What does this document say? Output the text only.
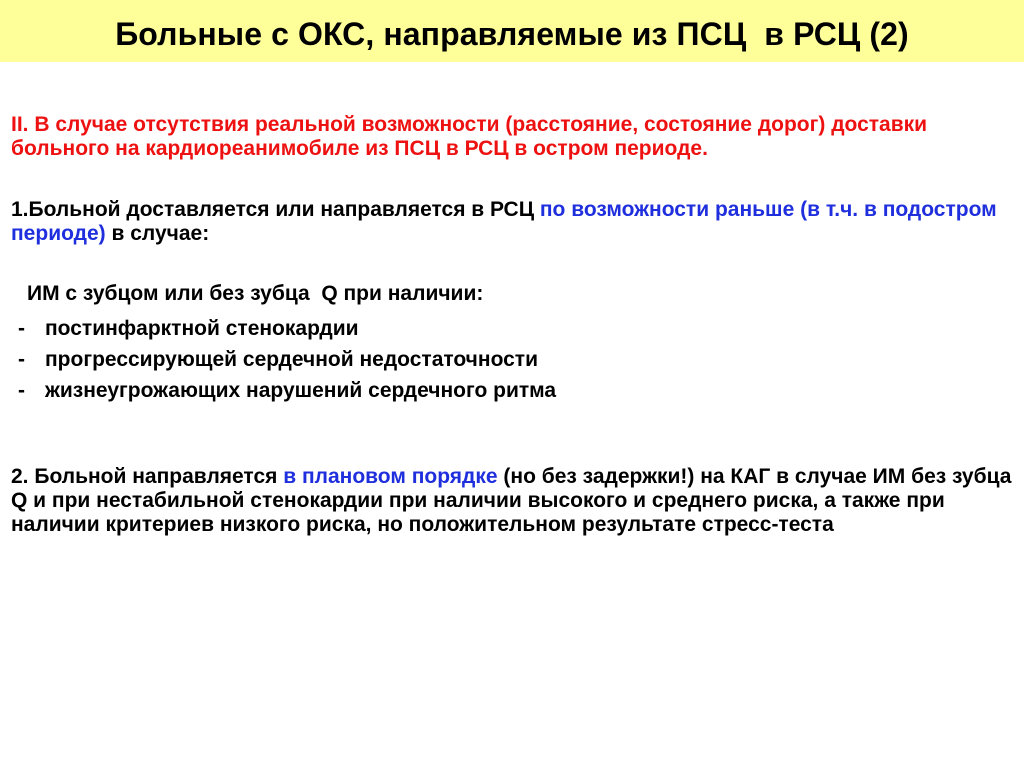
Больные с ОКС, направляемые из ПСЦ  в РСЦ (2)

II. В случае отсутствия реальной возможности (расстояние, состояние дорог) доставки больного на кардиореанимобиле из ПСЦ в РСЦ в остром периоде.

1.Больной доставляется или направляется в РСЦ по возможности раньше (в т.ч. в подостром периоде) в случае:

ИМ с зубцом или без зубца  Q при наличии:
- постинфарктной стенокардии
- прогрессирующей сердечной недостаточности
- жизнеугрожающих нарушений сердечного ритма

2. Больной направляется в плановом порядке (но без задержки!) на КАГ в случае ИМ без зубца Q и при нестабильной стенокардии при наличии высокого и среднего риска, а также при наличии критериев низкого риска, но положительном результате стресс-теста
